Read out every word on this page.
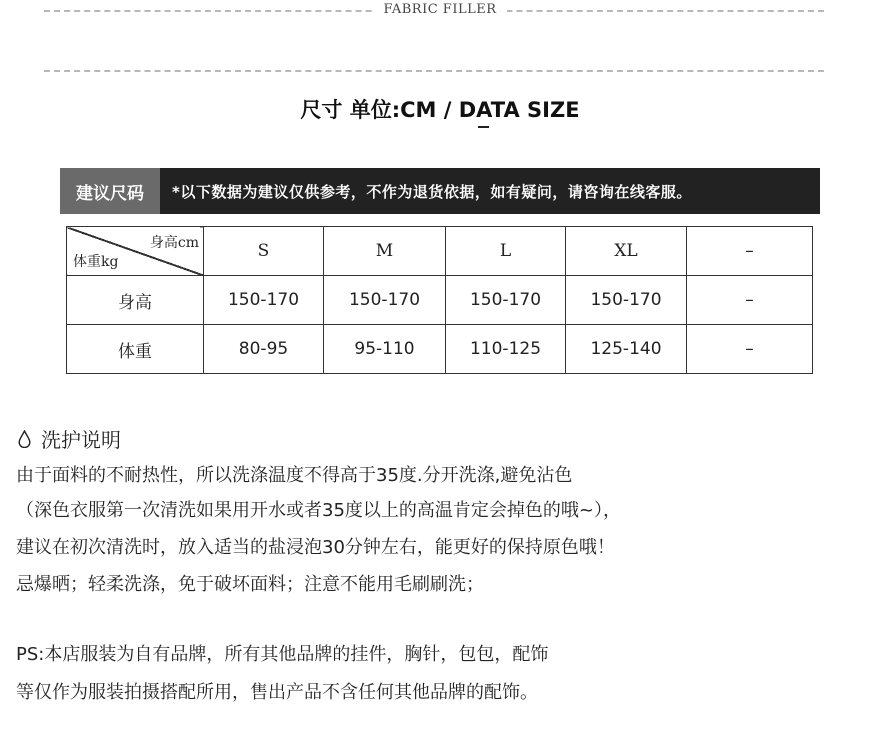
FABRIC FILLER
尺寸 单位:CM / DATA SIZE
建议尺码	*以下数据为建议仅供参考，不作为退货依据，如有疑问，请咨询在线客服。
身高cm
体重kg	S	M	L	XL	–
身高	150-170	150-170	150-170	150-170	–
体重	80-95	95-110	110-125	125-140	–
洗护说明
由于面料的不耐热性，所以洗涤温度不得高于35度.分开洗涤,避免沾色
（深色衣服第一次清洗如果用开水或者35度以上的高温肯定会掉色的哦~），
建议在初次清洗时，放入适当的盐浸泡30分钟左右，能更好的保持原色哦！
忌爆晒；轻柔洗涤，免于破坏面料；注意不能用毛刷刷洗；
PS:本店服装为自有品牌，所有其他品牌的挂件，胸针，包包，配饰
等仅作为服装拍摄搭配所用，售出产品不含任何其他品牌的配饰。
